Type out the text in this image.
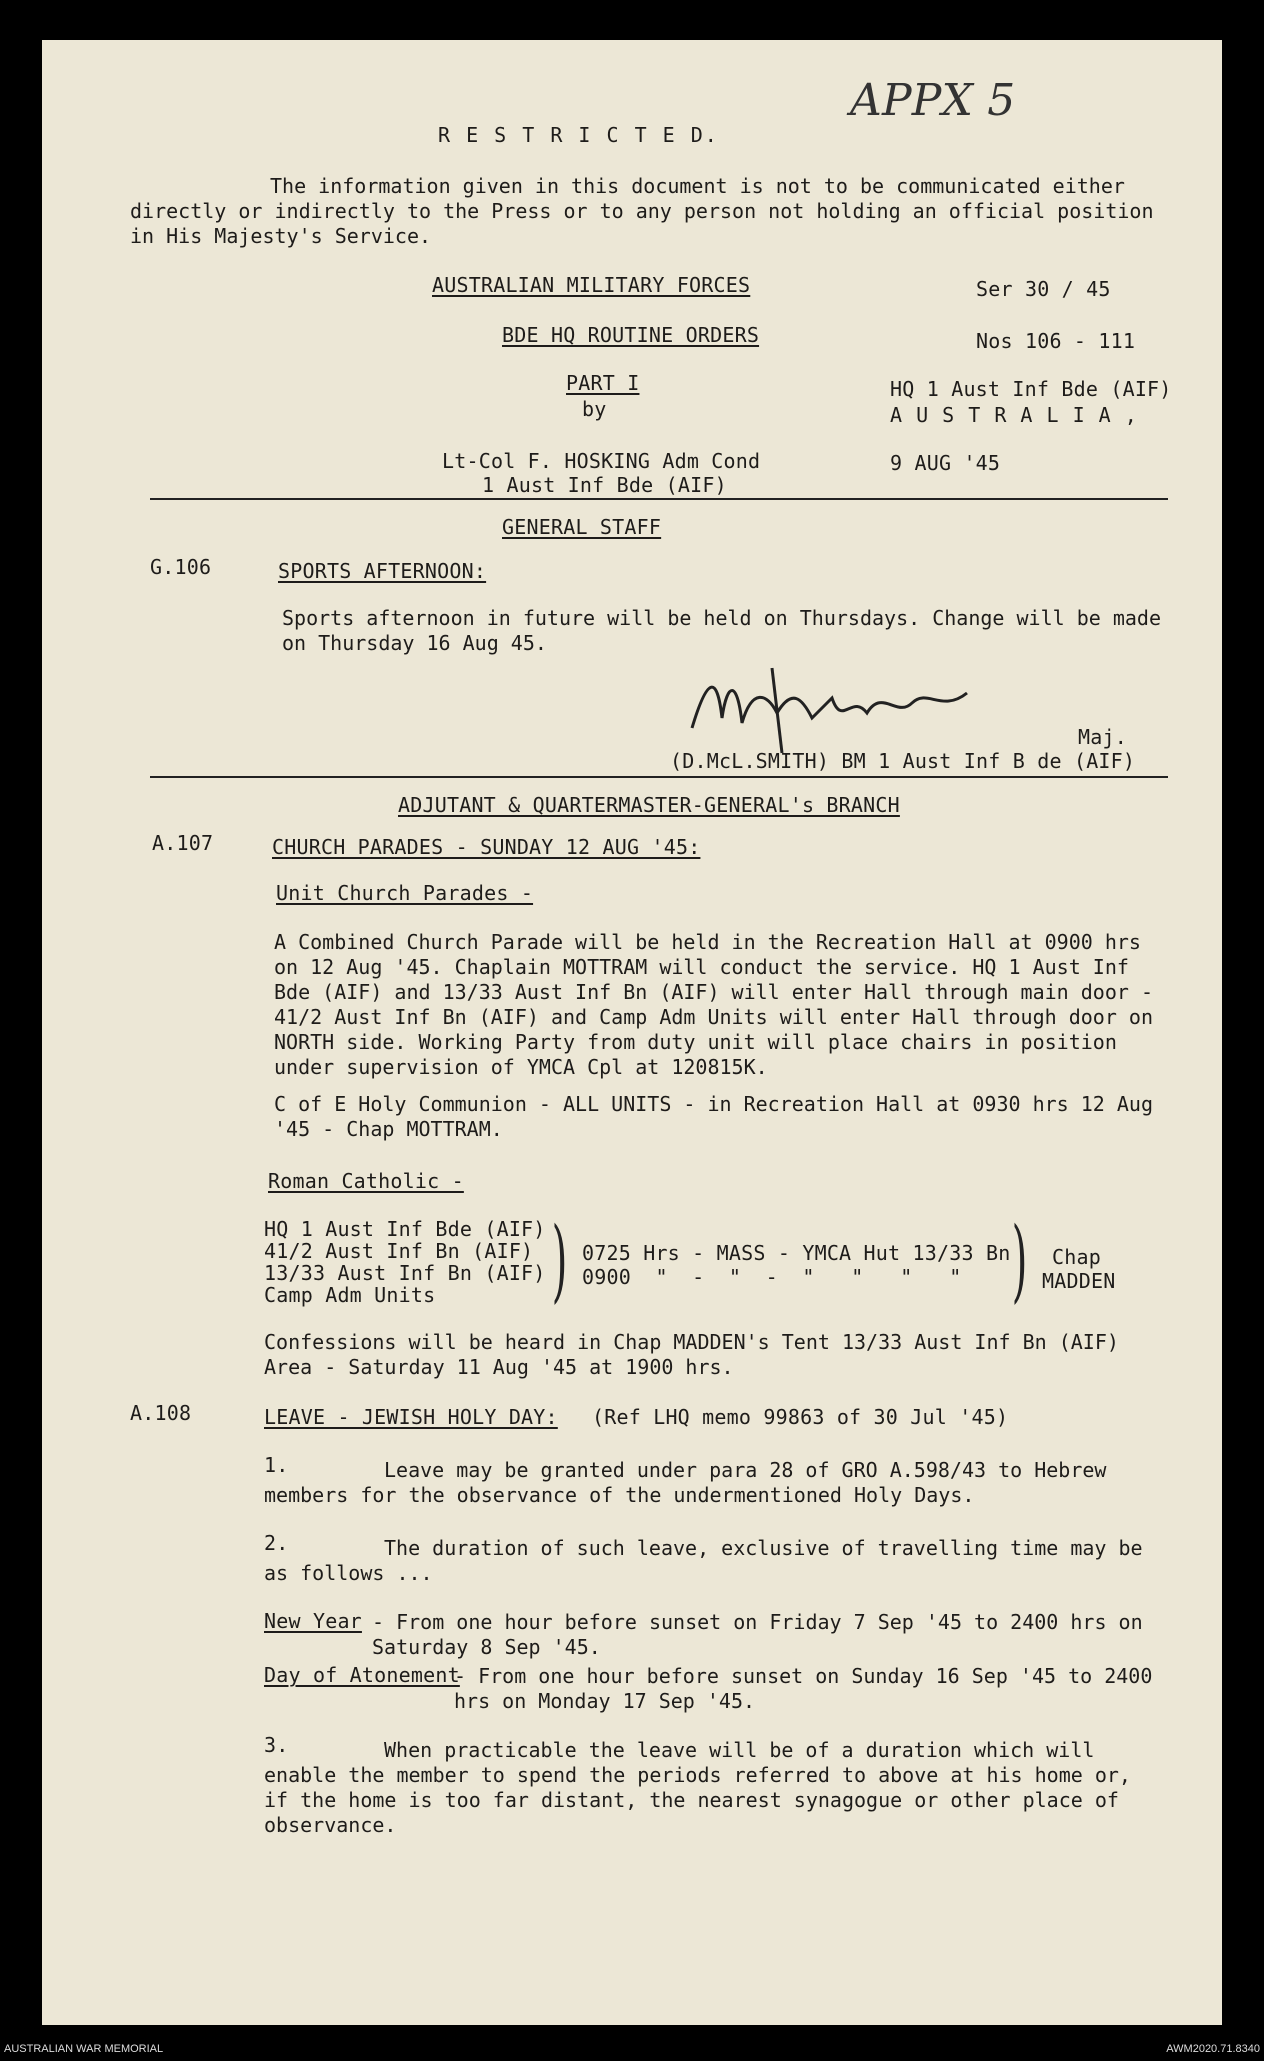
APPX 5
R E S T R I C T E D.
The information given in this document is not to be communicated either directly or indirectly to the Press or to any person not holding an official position in His Majesty's Service.
AUSTRALIAN MILITARY FORCES	Ser 30 / 45
BDE HQ ROUTINE ORDERS	Nos 106 - 111
PART I	HQ 1 Aust Inf Bde (AIF)
by	A U S T R A L I A ,
Lt-Col F. HOSKING Adm Cond	9 AUG '45
1 Aust Inf Bde (AIF)
GENERAL STAFF
G.106	SPORTS AFTERNOON:
Sports afternoon in future will be held on Thursdays. Change will be made on Thursday 16 Aug 45.
Maj.
(D.McL.SMITH) BM 1 Aust Inf B de (AIF)
ADJUTANT & QUARTERMASTER-GENERAL's BRANCH
A.107	CHURCH PARADES - SUNDAY 12 AUG '45:
Unit Church Parades -
A Combined Church Parade will be held in the Recreation Hall at 0900 hrs on 12 Aug '45. Chaplain MOTTRAM will conduct the service. HQ 1 Aust Inf Bde (AIF) and 13/33 Aust Inf Bn (AIF) will enter Hall through main door - 41/2 Aust Inf Bn (AIF) and Camp Adm Units will enter Hall through door on NORTH side. Working Party from duty unit will place chairs in position under supervision of YMCA Cpl at 120815K.
C of E Holy Communion - ALL UNITS - in Recreation Hall at 0930 hrs 12 Aug '45 - Chap MOTTRAM.
Roman Catholic -
HQ 1 Aust Inf Bde (AIF)
41/2 Aust Inf Bn (AIF)
13/33 Aust Inf Bn (AIF)
Camp Adm Units ) 0725 Hrs - MASS - YMCA Hut 13/33 Bn
0900  "  -  "  -  "   "   "   " ) Chap
MADDEN
Confessions will be heard in Chap MADDEN's Tent 13/33 Aust Inf Bn (AIF) Area - Saturday 11 Aug '45 at 1900 hrs.
A.108	LEAVE - JEWISH HOLY DAY: (Ref LHQ memo 99863 of 30 Jul '45)
1.	Leave may be granted under para 28 of GRO A.598/43 to Hebrew members for the observance of the undermentioned Holy Days.
2.	The duration of such leave, exclusive of travelling time may be as follows ...
New Year - From one hour before sunset on Friday 7 Sep '45 to 2400 hrs on Saturday 8 Sep '45.
Day of Atonement
- From one hour before sunset on Sunday 16 Sep '45 to 2400 hrs on Monday 17 Sep '45.
3.	When practicable the leave will be of a duration which will enable the member to spend the periods referred to above at his home or, if the home is too far distant, the nearest synagogue or other place of observance.
AUSTRALIAN WAR MEMORIAL	AWM2020.71.8340
